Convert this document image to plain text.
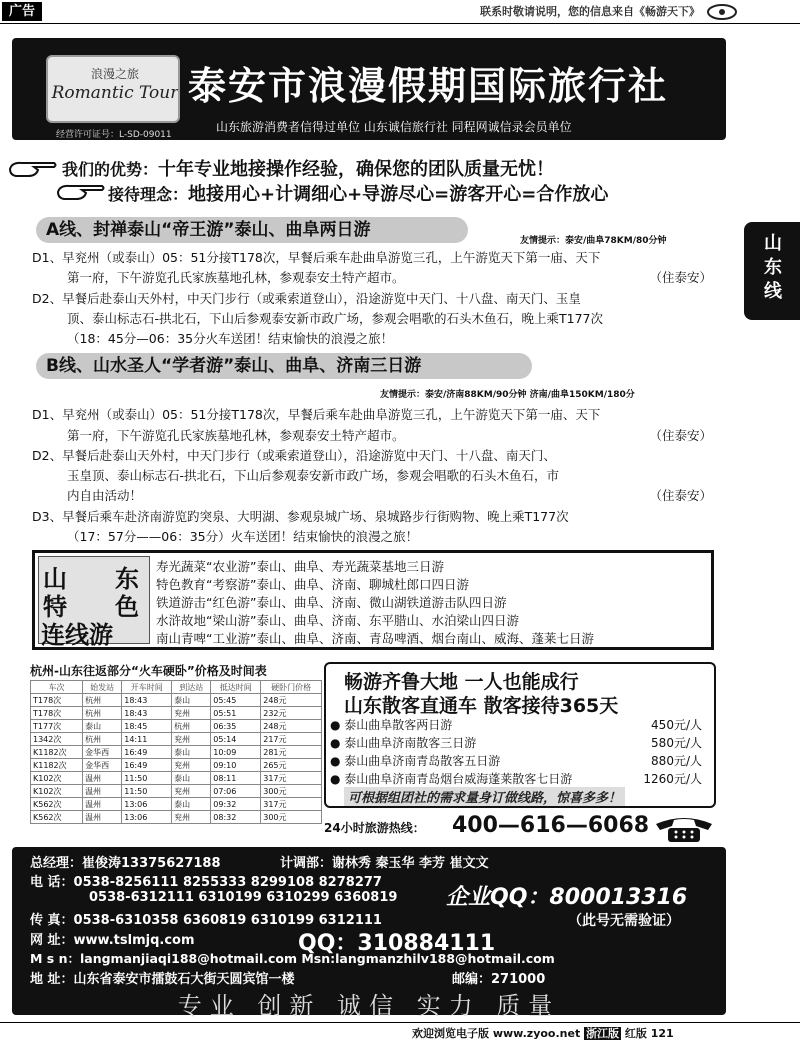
广告	联系时敬请说明，您的信息来自《畅游天下》
浪漫之旅
Romantic Tour
经营许可证号：L-SD-09011
泰安市浪漫假期国际旅行社
山东旅游消费者信得过单位 山东诚信旅行社 同程网诚信录会员单位
我们的优势：十年专业地接操作经验，确保您的团队质量无忧！
接待理念：地接用心+计调细心+导游尽心=游客开心=合作放心
山东线
A线、封禅泰山“帝王游”泰山、曲阜两日游
友情提示：泰安/曲阜78KM/80分钟
D1、早兖州（或泰山）05：51分接T178次，早餐后乘车赴曲阜游览三孔，上午游览天下第一庙、天下
第一府，下午游览孔氏家族墓地孔林，参观泰安土特产超市。	（住泰安）
D2、早餐后赴泰山天外村，中天门步行（或乘索道登山），沿途游览中天门、十八盘、南天门、玉皇
顶、泰山标志石-拱北石，下山后参观泰安新市政广场，参观会唱歌的石头木鱼石，晚上乘T177次
（18：45分—06：35分火车送团！结束愉快的浪漫之旅！
B线、山水圣人“学者游”泰山、曲阜、济南三日游
友情提示：泰安/济南88KM/90分钟 济南/曲阜150KM/180分
D1、早兖州（或泰山）05：51分接T178次，早餐后乘车赴曲阜游览三孔，上午游览天下第一庙、天下
第一府，下午游览孔氏家族墓地孔林，参观泰安土特产超市。	（住泰安）
D2、早餐后赴泰山天外村，中天门步行（或乘索道登山），沿途游览中天门、十八盘、南天门、
玉皇顶、泰山标志石-拱北石，下山后参观泰安新市政广场，参观会唱歌的石头木鱼石，市
内自由活动！	（住泰安）
D3、早餐后乘车赴济南游览趵突泉、大明湖、参观泉城广场、泉城路步行街购物、晚上乘T177次
（17：57分——06：35分）火车送团！结束愉快的浪漫之旅！
山 东
特 色
连线游
寿光蔬菜“农业游”泰山、曲阜、寿光蔬菜基地三日游
特色教育“考察游”泰山、曲阜、济南、聊城杜郎口四日游
铁道游击“红色游”泰山、曲阜、济南、微山湖铁道游击队四日游
水浒故地“梁山游”泰山、曲阜、济南、东平腊山、水泊梁山四日游
南山青啤“工业游”泰山、曲阜、济南、青岛啤酒、烟台南山、威海、蓬莱七日游
杭州-山东往返部分“火车硬卧”价格及时间表
车次	始发站	开车时间	到达站	抵达时间	硬卧门价格
T178次	杭州	18:43	泰山	05:45	248元
T178次	杭州	18:43	兖州	05:51	232元
T177次	泰山	18:45	杭州	06:35	248元
1342次	杭州	14:11	兖州	05:14	217元
K1182次	金华西	16:49	泰山	10:09	281元
K1182次	金华西	16:49	兖州	09:10	265元
K102次	温州	11:50	泰山	08:11	317元
K102次	温州	11:50	兖州	07:06	300元
K562次	温州	13:06	泰山	09:32	317元
K562次	温州	13:06	兖州	08:32	300元
畅游齐鲁大地 一人也能成行
山东散客直通车 散客接待365天
● 泰山曲阜散客两日游	450元/人
● 泰山曲阜济南散客三日游	580元/人
● 泰山曲阜济南青岛散客五日游	880元/人
● 泰山曲阜济南青岛烟台威海蓬莱散客七日游	1260元/人
可根据组团社的需求量身订做线路，惊喜多多！
24小时旅游热线： 400—616—6068
总经理：崔俊涛13375627188	计调部：谢林秀 秦玉华 李芳 崔文文
电 话：0538-8256111 8255333 8299108 8278277
0538-6312111 6310199 6310299 6360819
传 真：0538-6310358 6360819 6310199 6312111
网 址：www.tslmjq.com
M s n：langmanjiaqi188@hotmail.com Msn:langmanzhilv188@hotmail.com
地 址：山东省泰安市擂鼓石大街天圆宾馆一楼	邮编：271000
企业QQ：800013316
（此号无需验证）
QQ：310884111
专业 创新 诚信 实力 质量
欢迎浏览电子版 www.zyoo.net 浙江版 红版 121
